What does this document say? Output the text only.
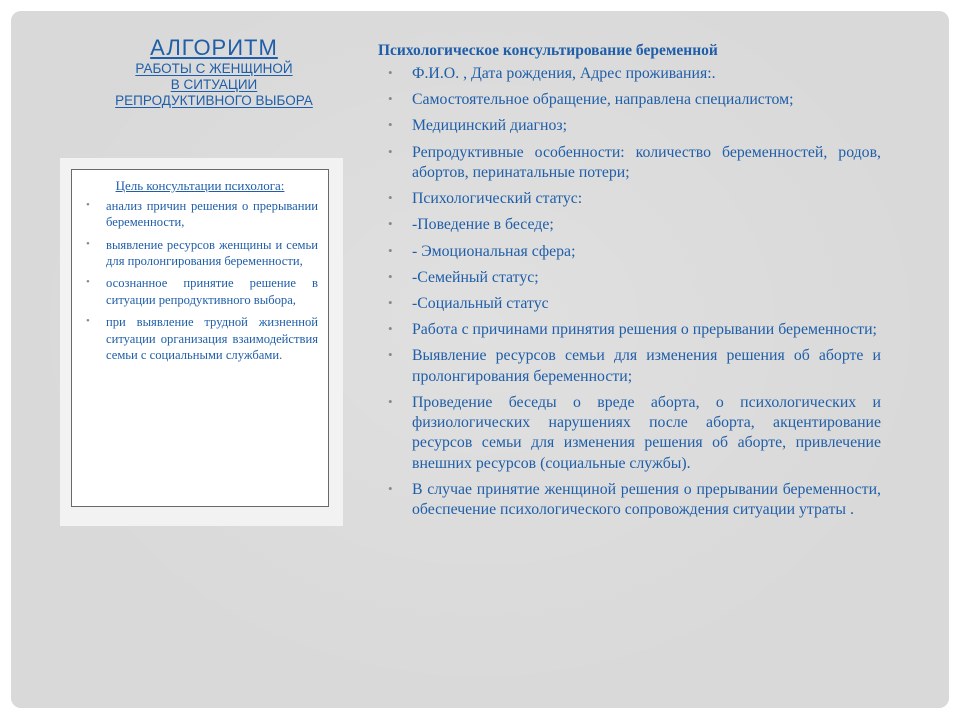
АЛГОРИТМ
РАБОТЫ С ЖЕНЩИНОЙ
В СИТУАЦИИ
РЕПРОДУКТИВНОГО ВЫБОРА
Цель консультации психолога:
• анализ причин решения о прерывании беременности,
• выявление ресурсов женщины и семьи для пролонгирования беременности,
• осознанное принятие решение в ситуации репродуктивного выбора,
• при выявление трудной жизненной ситуации организация взаимодействия семьи с социальными службами.
Психологическое консультирование беременной
• Ф.И.О. , Дата рождения, Адрес проживания:.
• Самостоятельное обращение, направлена специалистом;
• Медицинский диагноз;
• Репродуктивные особенности: количество беременностей, родов, абортов, перинатальные потери;
• Психологический статус:
• -Поведение в беседе;
• - Эмоциональная сфера;
• -Семейный статус;
• -Социальный статус
• Работа с причинами принятия решения о прерывании беременности;
• Выявление ресурсов семьи для изменения решения об аборте и пролонгирования беременности;
• Проведение беседы о вреде аборта, о психологических и физиологических нарушениях после аборта, акцентирование ресурсов семьи для изменения решения об аборте, привлечение внешних ресурсов (социальные службы).
• В случае принятие женщиной решения о прерывании беременности, обеспечение психологического сопровождения ситуации утраты .
